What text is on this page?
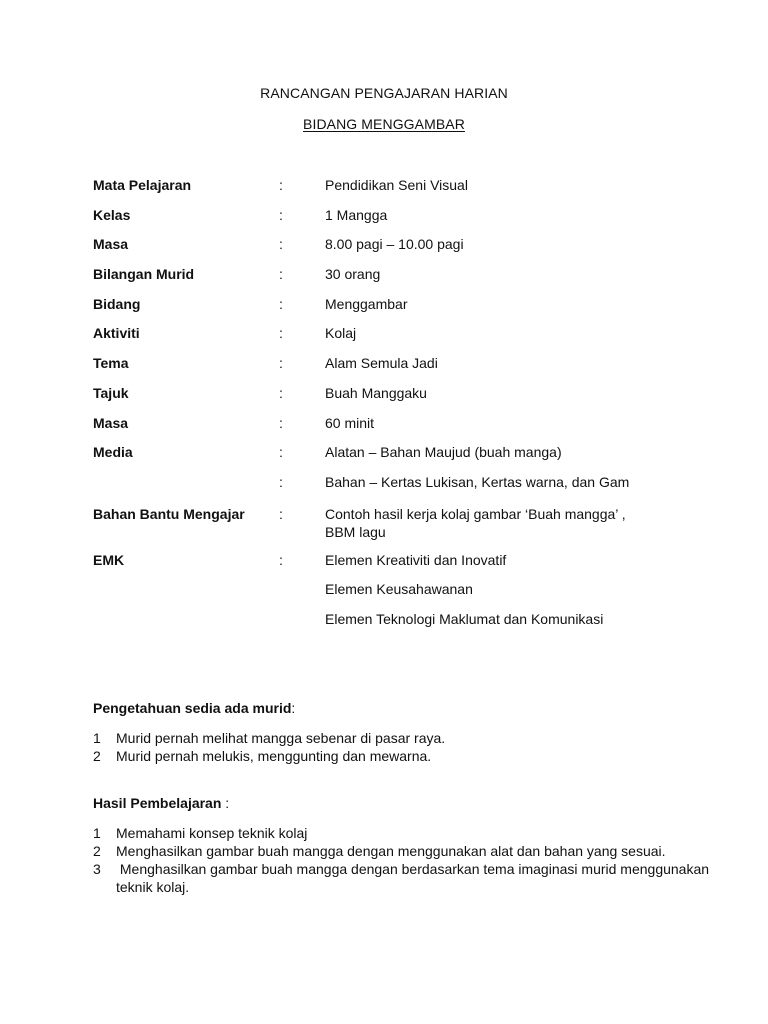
RANCANGAN PENGAJARAN HARIAN
BIDANG MENGGAMBAR
Mata Pelajaran	:	Pendidikan Seni Visual
Kelas	:	1 Mangga
Masa	:	8.00 pagi – 10.00 pagi
Bilangan Murid	:	30 orang
Bidang	:	Menggambar
Aktiviti	:	Kolaj
Tema	:	Alam Semula Jadi
Tajuk	:	Buah Manggaku
Masa	:	60 minit
Media	:	Alatan – Bahan Maujud (buah manga)
:	Bahan – Kertas Lukisan, Kertas warna, dan Gam
Bahan Bantu Mengajar	:	Contoh hasil kerja kolaj gambar ‘Buah mangga’ ,
BBM lagu
EMK	:	Elemen Kreativiti dan Inovatif
Elemen Keusahawanan
Elemen Teknologi Maklumat dan Komunikasi
Pengetahuan sedia ada murid:
1 Murid pernah melihat mangga sebenar di pasar raya.
2 Murid pernah melukis, menggunting dan mewarna.
Hasil Pembelajaran :
1 Memahami konsep teknik kolaj
2 Menghasilkan gambar buah mangga dengan menggunakan alat dan bahan yang sesuai.
3 Menghasilkan gambar buah mangga dengan berdasarkan tema imaginasi murid menggunakan teknik kolaj.
